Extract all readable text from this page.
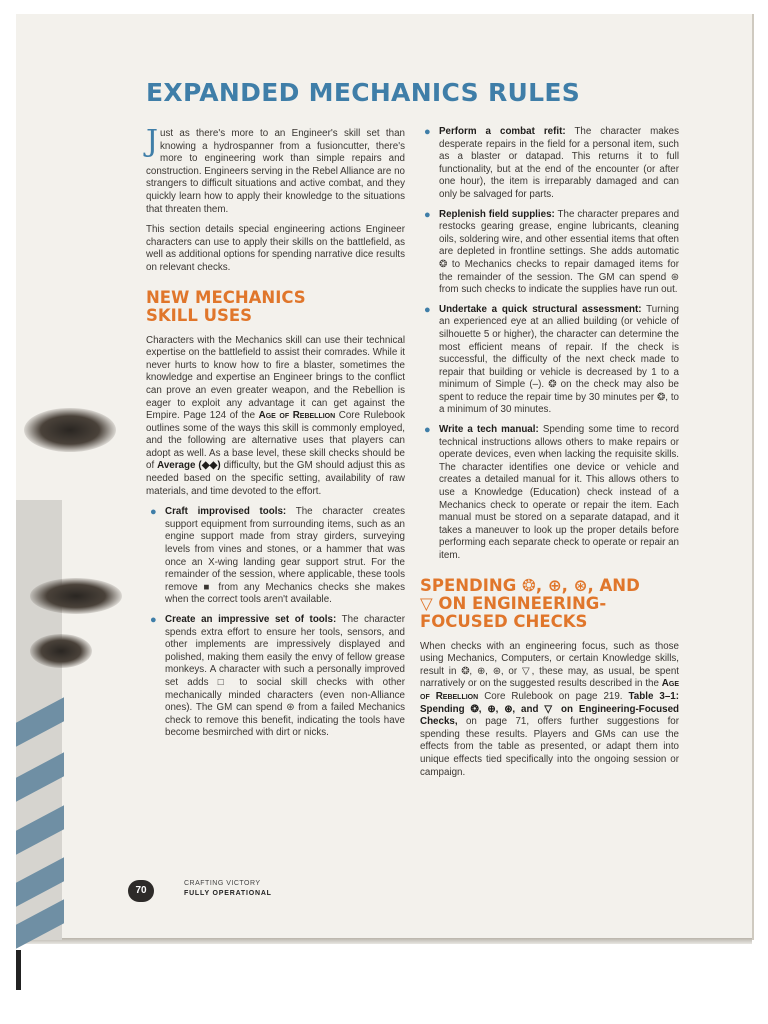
EXPANDED MECHANICS RULES

Just as there's more to an Engineer's skill set than knowing a hydrospanner from a fusioncutter, there's more to engineering work than simple repairs and construction. Engineers serving in the Rebel Alliance are no strangers to difficult situations and active combat, and they quickly learn how to apply their knowledge to the situations that threaten them.

This section details special engineering actions Engineer characters can use to apply their skills on the battlefield, as well as additional options for spending narrative dice results on relevant checks.

NEW MECHANICS
SKILL USES

Characters with the Mechanics skill can use their technical expertise on the battlefield to assist their comrades. While it never hurts to know how to fire a blaster, sometimes the knowledge and expertise an Engineer brings to the conflict can prove an even greater weapon, and the Rebellion is eager to exploit any advantage it can get against the Empire. Page 124 of the Age of Rebellion Core Rulebook outlines some of the ways this skill is commonly employed, and the following are alternative uses that players can adopt as well. As a base level, these skill checks should be of Average (◆◆) difficulty, but the GM should adjust this as needed based on the specific setting, availability of raw materials, and time devoted to the effort.

● Craft improvised tools: The character creates support equipment from surrounding items, such as an engine support made from stray girders, surveying levels from vines and stones, or a hammer that was once an X-wing landing gear support strut. For the remainder of the session, where applicable, these tools remove ■ from any Mechanics checks she makes when the correct tools aren't available.
● Create an impressive set of tools: The character spends extra effort to ensure her tools, sensors, and other implements are impressively displayed and polished, making them easily the envy of fellow grease monkeys. A character with such a personally improved set adds □ to social skill checks with other mechanically minded characters (even non-Alliance ones). The GM can spend ⊛ from a failed Mechanics check to remove this benefit, indicating the tools have become besmirched with dirt or nicks.
● Perform a combat refit: The character makes desperate repairs in the field for a personal item, such as a blaster or datapad. This returns it to full functionality, but at the end of the encounter (or after one hour), the item is irreparably damaged and can only be salvaged for parts.
● Replenish field supplies: The character prepares and restocks gearing grease, engine lubricants, cleaning oils, soldering wire, and other essential items that often are depleted in frontline settings. She adds automatic ❂ to Mechanics checks to repair damaged items for the remainder of the session. The GM can spend ⊛ from such checks to indicate the supplies have run out.
● Undertake a quick structural assessment: Turning an experienced eye at an allied building (or vehicle of silhouette 5 or higher), the character can determine the most efficient means of repair. If the check is successful, the difficulty of the next check made to repair that building or vehicle is decreased by 1 to a minimum of Simple (–). ❂ on the check may also be spent to reduce the repair time by 30 minutes per ❂, to a minimum of 30 minutes.
● Write a tech manual: Spending some time to record technical instructions allows others to make repairs or operate devices, even when lacking the requisite skills. The character identifies one device or vehicle and creates a detailed manual for it. This allows others to use a Knowledge (Education) check instead of a Mechanics check to operate or repair the item. Each manual must be stored on a separate datapad, and it takes a maneuver to look up the proper details before performing each separate check to operate or repair an item.
SPENDING ❂, ⊕, ⊛, AND
▽ ON ENGINEERING-
FOCUSED CHECKS

When checks with an engineering focus, such as those using Mechanics, Computers, or certain Knowledge skills, result in ❂, ⊕, ⊛, or ▽, these may, as usual, be spent narratively or on the suggested results described in the Age of Rebellion Core Rulebook on page 219. Table 3–1: Spending ❂, ⊕, ⊛, and ▽ on Engineering-Focused Checks, on page 71, offers further suggestions for spending these results. Players and GMs can use the effects from the table as presented, or adapt them into unique effects tied specifically into the ongoing session or campaign.

70
CRAFTING VICTORY
FULLY OPERATIONAL
